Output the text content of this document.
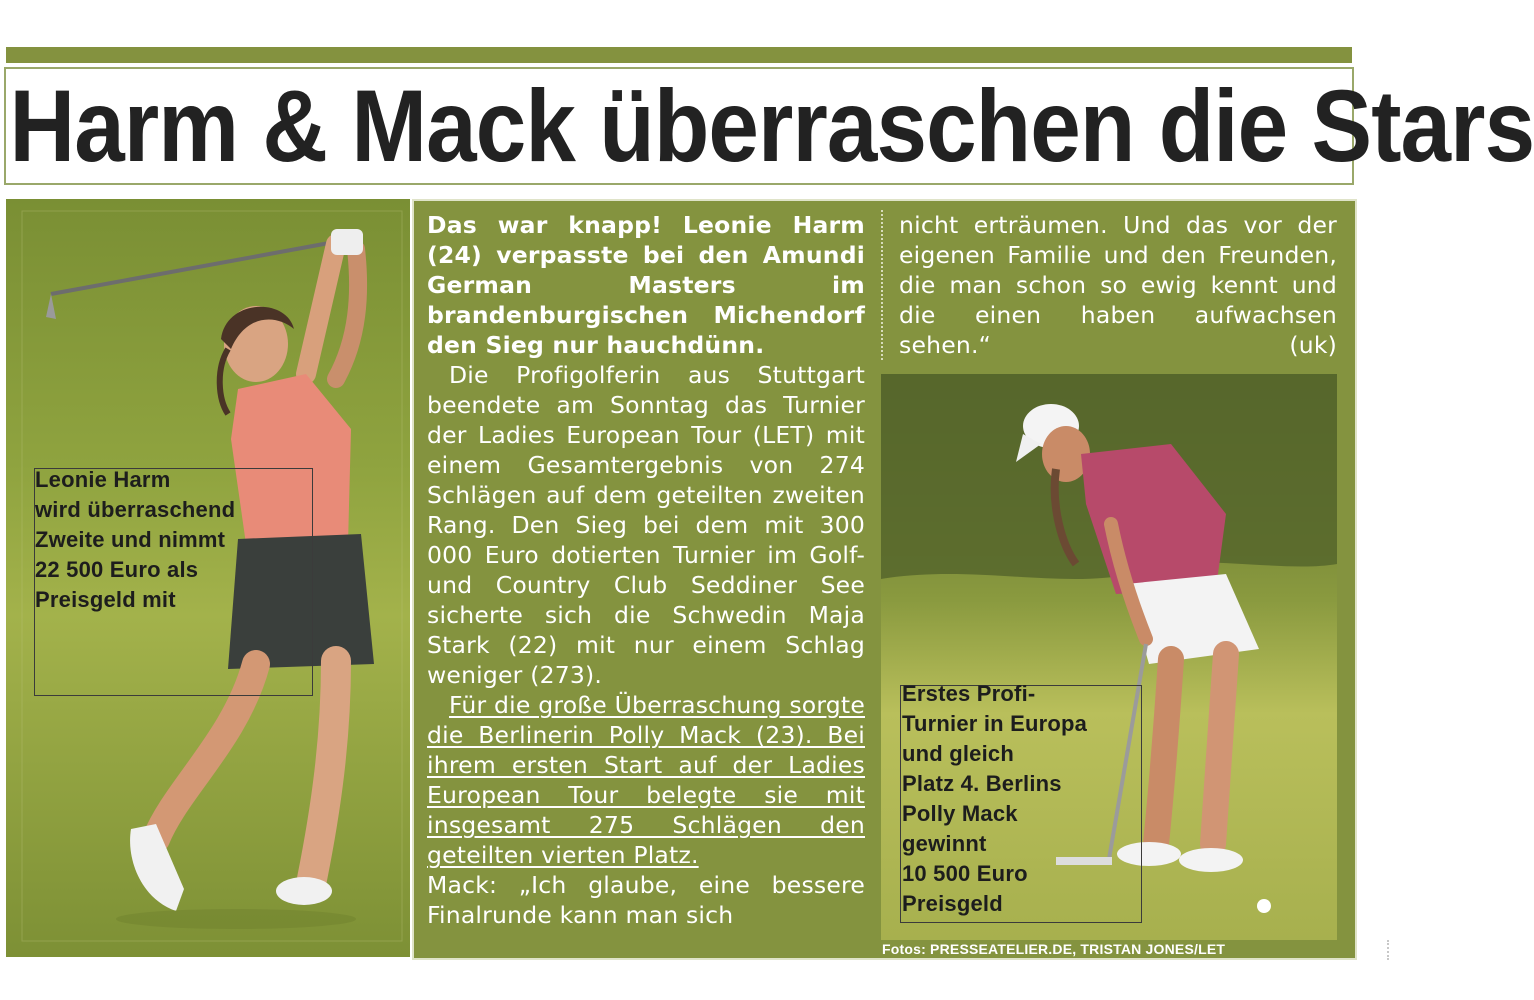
Harm & Mack überraschen die Stars
Leonie Harm
wird überraschend
Zweite und nimmt
22 500 Euro als
Preisgeld mit

Das war knapp! Leonie Harm (24) verpasste bei den Amundi German Masters im brandenburgischen Michendorf den Sieg nur hauchdünn.

Die Profigolferin aus Stuttgart beendete am Sonntag das Turnier der Ladies European Tour (LET) mit einem Gesamtergebnis von 274 Schlägen auf dem geteilten zweiten Rang. Den Sieg bei dem mit 300 000 Euro dotierten Turnier im Golf- und Country Club Seddiner See sicherte sich die Schwedin Maja Stark (22) mit nur einem Schlag weniger (273).

Für die große Überraschung sorgte die Berlinerin Polly Mack (23). Bei ihrem ersten Start auf der Ladies European Tour belegte sie mit insgesamt 275 Schlägen den geteilten vierten Platz.

Mack: „Ich glaube, eine bessere Finalrunde kann man sich

nicht erträumen. Und das vor der eigenen Familie und den Freunden, die man schon so ewig kennt und die einen haben aufwachsen sehen.“	(uk)

Erstes Profi-
Turnier in Europa
und gleich
Platz 4. Berlins
Polly Mack
gewinnt
10 500 Euro
Preisgeld
Fotos: PRESSEATELIER.DE, TRISTAN JONES/LET
